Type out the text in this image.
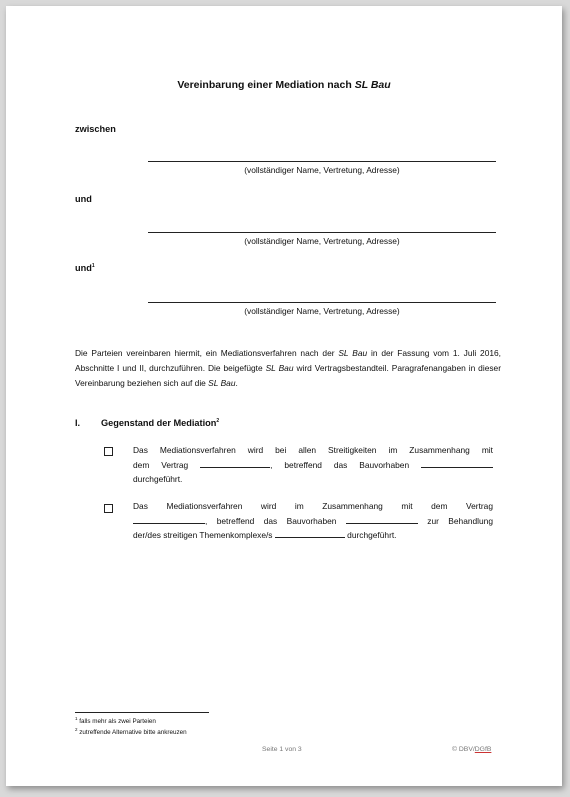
Vereinbarung einer Mediation nach SL Bau
zwischen
(vollständiger Name, Vertretung, Adresse)
und
(vollständiger Name, Vertretung, Adresse)
und$^1$
(vollständiger Name, Vertretung, Adresse)
Die Parteien vereinbaren hiermit, ein Mediationsverfahren nach der SL Bau in der Fassung vom 1. Juli 2016, Abschnitte I und II, durchzuführen. Die beigefügte SL Bau wird Vertragsbestandteil. Paragrafenangaben in dieser Vereinbarung beziehen sich auf die SL Bau.
I. Gegenstand der Mediation$^2$
Das Mediationsverfahren wird bei allen Streitigkeiten im Zusammenhang mit
dem Vertrag	, betreffend das Bauvorhaben
durchgeführt.
Das Mediationsverfahren wird im Zusammenhang mit dem Vertrag
, betreffend das Bauvorhaben	zur Behandlung
der/des streitigen Themenkomplexe/s	durchgeführt.
$^1$ falls mehr als zwei Parteien
$^2$ zutreffende Alternative bitte ankreuzen
Seite 1 von 3	© DBV/DGfB
